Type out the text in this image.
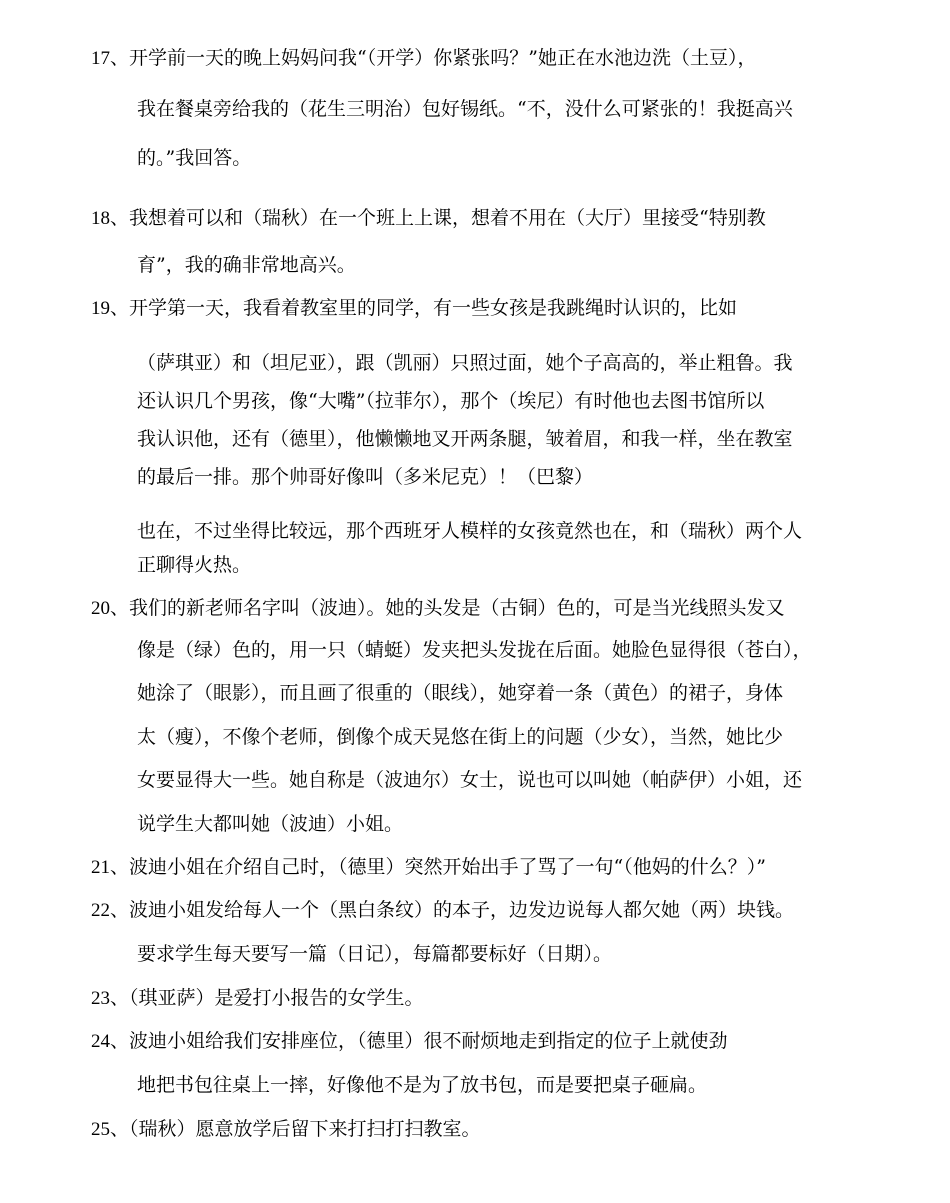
17、开学前一天的晚上妈妈问我“（开学）你紧张吗？”她正在水池边洗（土豆），
我在餐桌旁给我的（花生三明治）包好锡纸。“不，没什么可紧张的！我挺高兴
的。”我回答。
18、我想着可以和（瑞秋）在一个班上上课，想着不用在（大厅）里接受“特别教
育”，我的确非常地高兴。
19、开学第一天，我看着教室里的同学，有一些女孩是我跳绳时认识的，比如
（萨琪亚）和（坦尼亚），跟（凯丽）只照过面，她个子高高的，举止粗鲁。我
还认识几个男孩，像“大嘴”（拉菲尔），那个（埃尼）有时他也去图书馆所以
我认识他，还有（德里），他懒懒地叉开两条腿，皱着眉，和我一样，坐在教室
的最后一排。那个帅哥好像叫（多米尼克）！（巴黎）
也在，不过坐得比较远，那个西班牙人模样的女孩竟然也在，和（瑞秋）两个人
正聊得火热。
20、我们的新老师名字叫（波迪）。她的头发是（古铜）色的，可是当光线照头发又
像是（绿）色的，用一只（蜻蜓）发夹把头发拢在后面。她脸色显得很（苍白），
她涂了（眼影），而且画了很重的（眼线），她穿着一条（黄色）的裙子，身体
太（瘦），不像个老师，倒像个成天晃悠在街上的问题（少女），当然，她比少
女要显得大一些。她自称是（波迪尔）女士，说也可以叫她（帕萨伊）小姐，还
说学生大都叫她（波迪）小姐。
21、波迪小姐在介绍自己时，（德里）突然开始出手了骂了一句“（他妈的什么？）”
22、波迪小姐发给每人一个（黑白条纹）的本子，边发边说每人都欠她（两）块钱。
要求学生每天要写一篇（日记），每篇都要标好（日期）。
23、（琪亚萨）是爱打小报告的女学生。
24、波迪小姐给我们安排座位，（德里）很不耐烦地走到指定的位子上就使劲
地把书包往桌上一摔，好像他不是为了放书包，而是要把桌子砸扁。
25、（瑞秋）愿意放学后留下来打扫打扫教室。
